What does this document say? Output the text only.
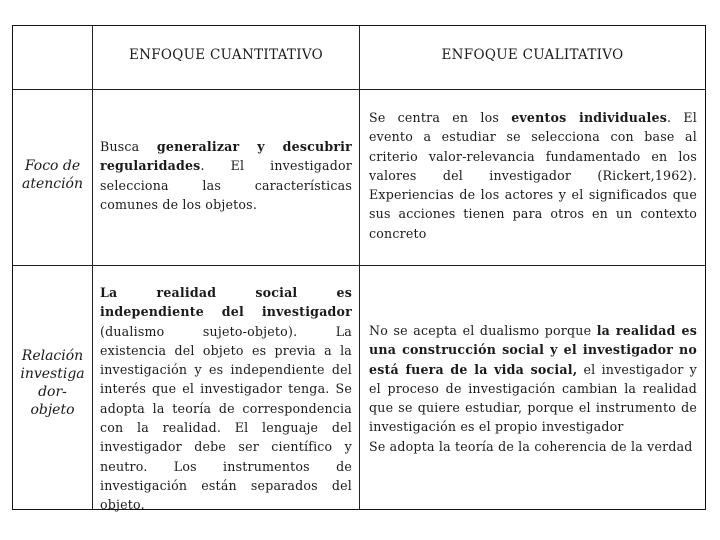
ENFOQUE CUANTITATIVO	ENFOQUE CUALITATIVO
Foco de
atención
Busca generalizar y descubrir regularidades. El investigador selecciona las características comunes de los objetos.
Se centra en los eventos individuales. El evento a estudiar se selecciona con base al criterio valor-relevancia fundamentado en los valores del investigador (Rickert,1962). Experiencias de los actores y el significados que sus acciones tienen para otros en un contexto concreto
Relación
investiga
dor-
objeto
La realidad social es independiente del investigador (dualismo sujeto-objeto). La existencia del objeto es previa a la investigación y es independiente del interés que el investigador tenga. Se adopta la teoría de correspondencia con la realidad. El lenguaje del investigador debe ser científico y neutro. Los instrumentos de investigación están separados del objeto.
No se acepta el dualismo porque la realidad es una construcción social y el investigador no está fuera de la vida social, el investigador y el proceso de investigación cambian la realidad que se quiere estudiar, porque el instrumento de investigación es el propio investigador
Se adopta la teoría de la coherencia de la verdad
